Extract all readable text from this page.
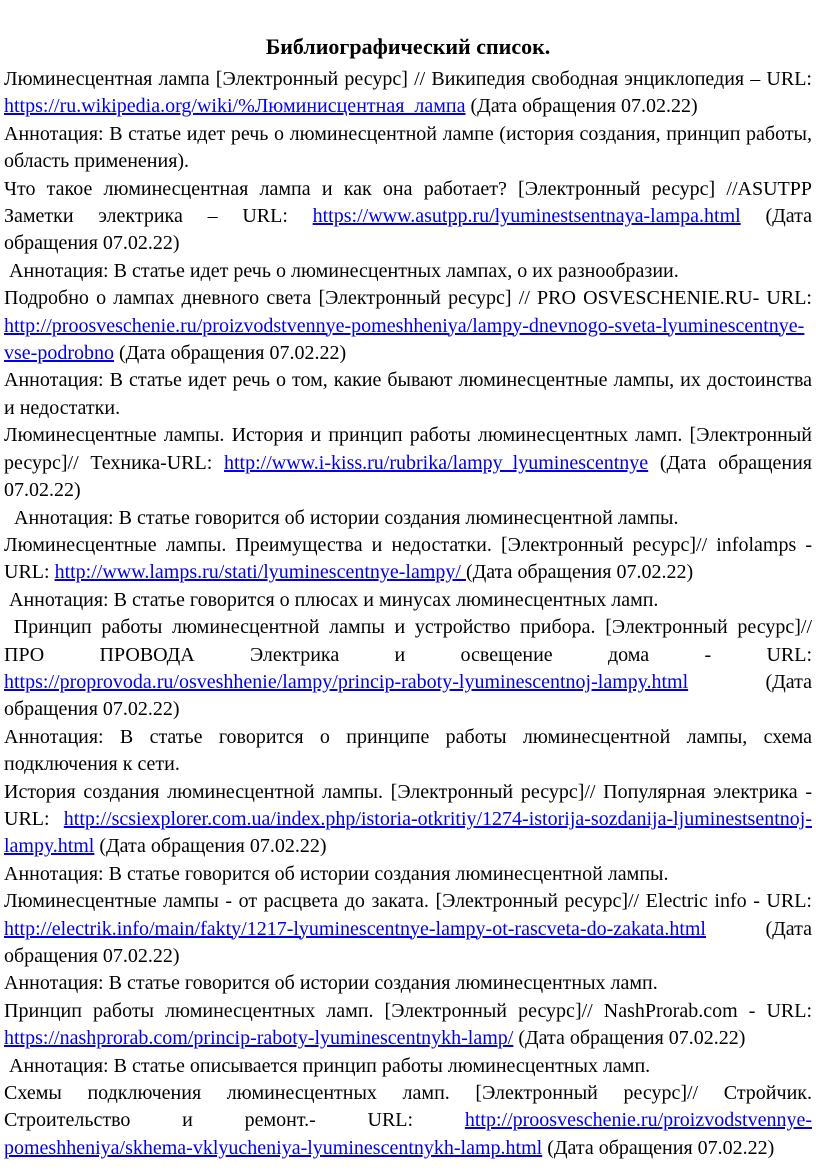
Библиографический список.

Люминесцентная лампа [Электронный ресурс] // Википедия свободная энциклопедия – URL: https://ru.wikipedia.org/wiki/%Люминисцентная_лампа (Дата обращения 07.02.22)

Аннотация: В статье идет речь о люминесцентной лампе (история создания, принцип работы, область применения).

Что такое люминесцентная лампа и как она работает? [Электронный ресурс] //ASUTPP Заметки электрика – URL: https://www.asutpp.ru/lyuminestsentnaya-lampa.html (Дата обращения 07.02.22)

Аннотация: В статье идет речь о люминесцентных лампах, о их разнообразии.

Подробно о лампах дневного света [Электронный ресурс] // PRO OSVESCHENIE.RU- URL: http://proosveschenie.ru/proizvodstvennye-pomeshheniya/lampy-dnevnogo-sveta-lyuminescentnye-vse-podrobno (Дата обращения 07.02.22)

Аннотация: В статье идет речь о том, какие бывают люминесцентные лампы, их достоинства и недостатки.

Люминесцентные лампы. История и принцип работы люминесцентных ламп. [Электронный ресурс]// Техника-URL: http://www.i-kiss.ru/rubrika/lampy_lyuminescentnye (Дата обращения 07.02.22)

Аннотация: В статье говорится об истории создания люминесцентной лампы.

Люминесцентные лампы. Преимущества и недостатки. [Электронный ресурс]// infolamps - URL: http://www.lamps.ru/stati/lyuminescentnye-lampy/ (Дата обращения 07.02.22)

Аннотация: В статье говорится о плюсах и минусах люминесцентных ламп.

Принцип работы люминесцентной лампы и устройство прибора. [Электронный ресурс]// ПРО ПРОВОДА Электрика и освещение дома - URL: https://proprovoda.ru/osveshhenie/lampy/princip-raboty-lyuminescentnoj-lampy.html (Дата обращения 07.02.22)

Аннотация: В статье говорится о принципе работы люминесцентной лампы, схема подключения к сети.

История создания люминесцентной лампы. [Электронный ресурс]// Популярная электрика - URL: http://scsiexplorer.com.ua/index.php/istoria-otkritiy/1274-istorija-sozdanija-ljuminestsentnoj-lampy.html (Дата обращения 07.02.22)

Аннотация: В статье говорится об истории создания люминесцентной лампы.

Люминесцентные лампы - от расцвета до заката. [Электронный ресурс]// Electric info - URL: http://electrik.info/main/fakty/1217-lyuminescentnye-lampy-ot-rascveta-do-zakata.html (Дата обращения 07.02.22)

Аннотация: В статье говорится об истории создания люминесцентных ламп.

Принцип работы люминесцентных ламп. [Электронный ресурс]// NashProrab.com - URL: https://nashprorab.com/princip-raboty-lyuminescentnykh-lamp/ (Дата обращения 07.02.22)

Аннотация: В статье описывается принцип работы люминесцентных ламп.

Схемы подключения люминесцентных ламп. [Электронный ресурс]// Стройчик. Строительство и ремонт.- URL: http://proosveschenie.ru/proizvodstvennye-pomeshheniya/skhema-vklyucheniya-lyuminescentnykh-lamp.html (Дата обращения 07.02.22)
